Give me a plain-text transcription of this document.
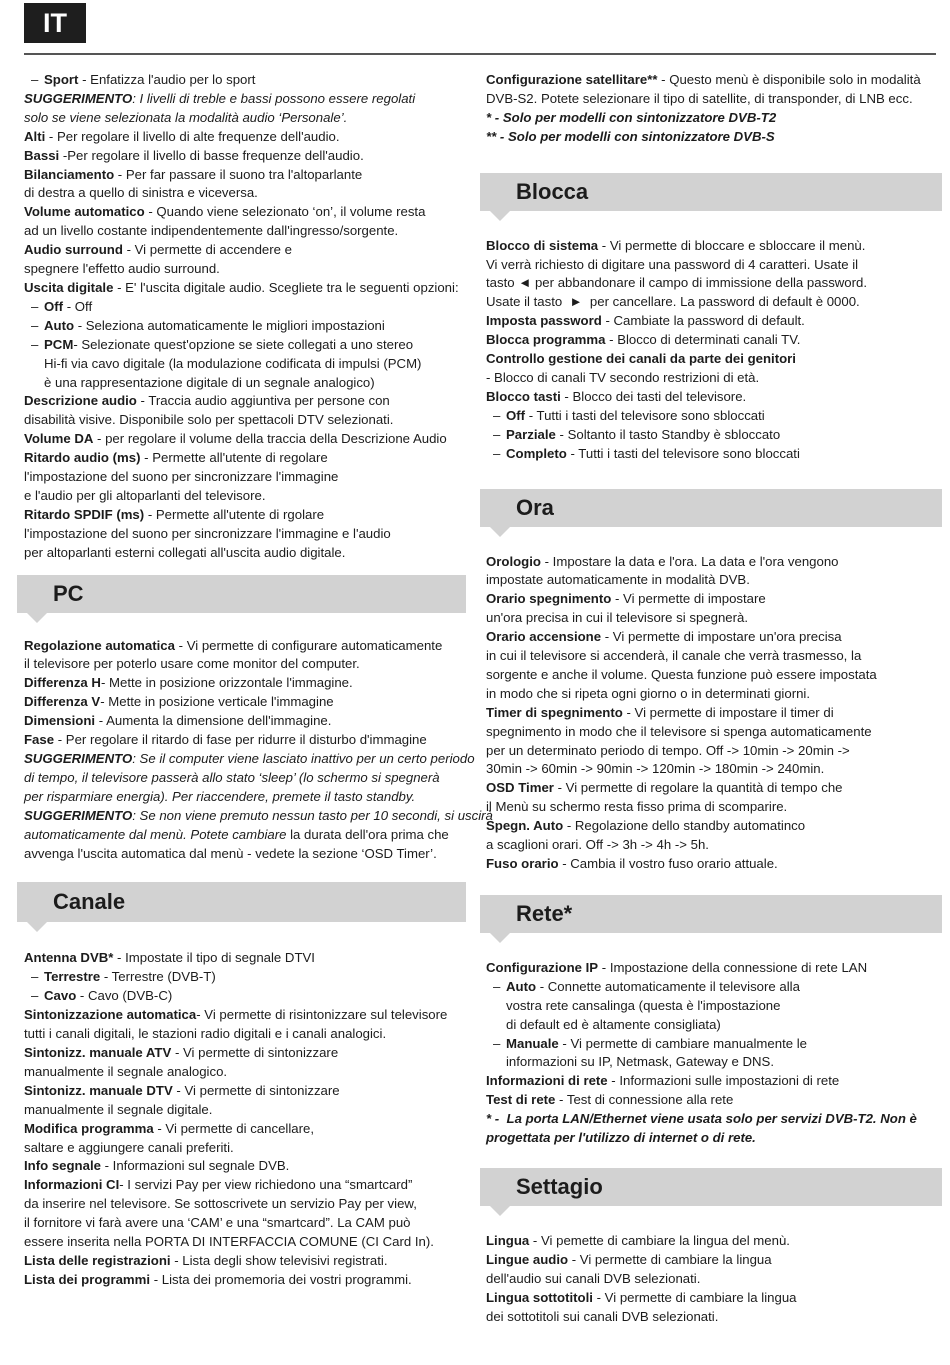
IT
– Sport - Enfatizza l'audio per lo sport
SUGGERIMENTO: I livelli di treble e bassi possono essere regolati
solo se viene selezionata la modalità audio ‘Personale’.
Alti - Per regolare il livello di alte frequenze dell'audio.
Bassi -Per regolare il livello di basse frequenze dell'audio.
Bilanciamento - Per far passare il suono tra l'altoparlante
di destra a quello di sinistra e viceversa.
Volume automatico - Quando viene selezionato ‘on’, il volume resta
ad un livello costante indipendentemente dall'ingresso/sorgente.
Audio surround - Vi permette di accendere e
spegnere l'effetto audio surround.
Uscita digitale - E' l'uscita digitale audio. Scegliete tra le seguenti opzioni:
– Off - Off
– Auto - Seleziona automaticamente le migliori impostazioni
– PCM- Selezionate quest'opzione se siete collegati a uno stereo
Hi-fi via cavo digitale (la modulazione codificata di impulsi (PCM)
è una rappresentazione digitale di un segnale analogico)
Descrizione audio - Traccia audio aggiuntiva per persone con
disabilità visive. Disponibile solo per spettacoli DTV selezionati.
Volume DA - per regolare il volume della traccia della Descrizione Audio
Ritardo audio (ms) - Permette all'utente di regolare
l'impostazione del suono per sincronizzare l'immagine
e l'audio per gli altoparlanti del televisore.
Ritardo SPDIF (ms) - Permette all'utente di rgolare
l'impostazione del suono per sincronizzare l'immagine e l'audio
per altoparlanti esterni collegati all'uscita audio digitale.
PC
Regolazione automatica - Vi permette di configurare automaticamente
il televisore per poterlo usare come monitor del computer.
Differenza H- Mette in posizione orizzontale l'immagine.
Differenza V- Mette in posizione verticale l'immagine
Dimensioni - Aumenta la dimensione dell'immagine.
Fase - Per regolare il ritardo di fase per ridurre il disturbo d'immagine
SUGGERIMENTO: Se il computer viene lasciato inattivo per un certo periodo
di tempo, il televisore passerà allo stato ‘sleep’ (lo schermo si spegnerà
per risparmiare energia). Per riaccendere, premete il tasto standby.
SUGGERIMENTO: Se non viene premuto nessun tasto per 10 secondi, si uscirà
automaticamente dal menù. Potete cambiare la durata dell'ora prima che
avvenga l'uscita automatica dal menù - vedete la sezione ‘OSD Timer’.
Canale
Antenna DVB* - Impostate il tipo di segnale DTVI
– Terrestre - Terrestre (DVB-T)
– Cavo - Cavo (DVB-C)
Sintonizzazione automatica- Vi permette di risintonizzare sul televisore
tutti i canali digitali, le stazioni radio digitali e i canali analogici.
Sintonizz. manuale ATV - Vi permette di sintonizzare
manualmente il segnale analogico.
Sintonizz. manuale DTV - Vi permette di sintonizzare
manualmente il segnale digitale.
Modifica programma - Vi permette di cancellare,
saltare e aggiungere canali preferiti.
Info segnale - Informazioni sul segnale DVB.
Informazioni CI- I servizi Pay per view richiedono una “smartcard”
da inserire nel televisore. Se sottoscrivete un servizio Pay per view,
il fornitore vi farà avere una ‘CAM’ e una “smartcard”. La CAM può
essere inserita nella PORTA DI INTERFACCIA COMUNE (CI Card In).
Lista delle registrazioni - Lista degli show televisivi registrati.
Lista dei programmi - Lista dei promemoria dei vostri programmi.
Configurazione satellitare** - Questo menù è disponibile solo in modalità
DVB-S2. Potete selezionare il tipo di satellite, di transponder, di LNB ecc.
* - Solo per modelli con sintonizzatore DVB-T2
** - Solo per modelli con sintonizzatore DVB-S
Blocca
Blocco di sistema - Vi permette di bloccare e sbloccare il menù.
Vi verrà richiesto di digitare una password di 4 caratteri. Usate il
tasto ◄ per abbandonare il campo di immissione della password.
Usate il tasto  ►  per cancellare. La password di default è 0000.
Imposta password - Cambiate la password di default.
Blocca programma - Blocco di determinati canali TV.
Controllo gestione dei canali da parte dei genitori
- Blocco di canali TV secondo restrizioni di età.
Blocco tasti - Blocco dei tasti del televisore.
– Off - Tutti i tasti del televisore sono sbloccati
– Parziale - Soltanto il tasto Standby è sbloccato
– Completo - Tutti i tasti del televisore sono bloccati
Ora
Orologio - Impostare la data e l'ora. La data e l'ora vengono
impostate automaticamente in modalità DVB.
Orario spegnimento - Vi permette di impostare
un'ora precisa in cui il televisore si spegnerà.
Orario accensione - Vi permette di impostare un'ora precisa
in cui il televisore si accenderà, il canale che verrà trasmesso, la
sorgente e anche il volume. Questa funzione può essere impostata
in modo che si ripeta ogni giorno o in determinati giorni.
Timer di spegnimento - Vi permette di impostare il timer di
spegnimento in modo che il televisore si spenga automaticamente
per un determinato periodo di tempo. Off -> 10min -> 20min ->
30min -> 60min -> 90min -> 120min -> 180min -> 240min.
OSD Timer - Vi permette di regolare la quantità di tempo che
il Menù su schermo resta fisso prima di scomparire.
Spegn. Auto - Regolazione dello standby automatinco
a scaglioni orari. Off -> 3h -> 4h -> 5h.
Fuso orario - Cambia il vostro fuso orario attuale.
Rete*
Configurazione IP - Impostazione della connessione di rete LAN
– Auto - Connette automaticamente il televisore alla
vostra rete cansalinga (questa è l'impostazione
di default ed è altamente consigliata)
– Manuale - Vi permette di cambiare manualmente le
informazioni su IP, Netmask, Gateway e DNS.
Informazioni di rete - Informazioni sulle impostazioni di rete
Test di rete - Test di connessione alla rete
* -  La porta LAN/Ethernet viene usata solo per servizi DVB-T2. Non è
progettata per l'utilizzo di internet o di rete.
Settagio
Lingua - Vi pemette di cambiare la lingua del menù.
Lingue audio - Vi permette di cambiare la lingua
dell'audio sui canali DVB selezionati.
Lingua sottotitoli - Vi permette di cambiare la lingua
dei sottotitoli sui canali DVB selezionati.
